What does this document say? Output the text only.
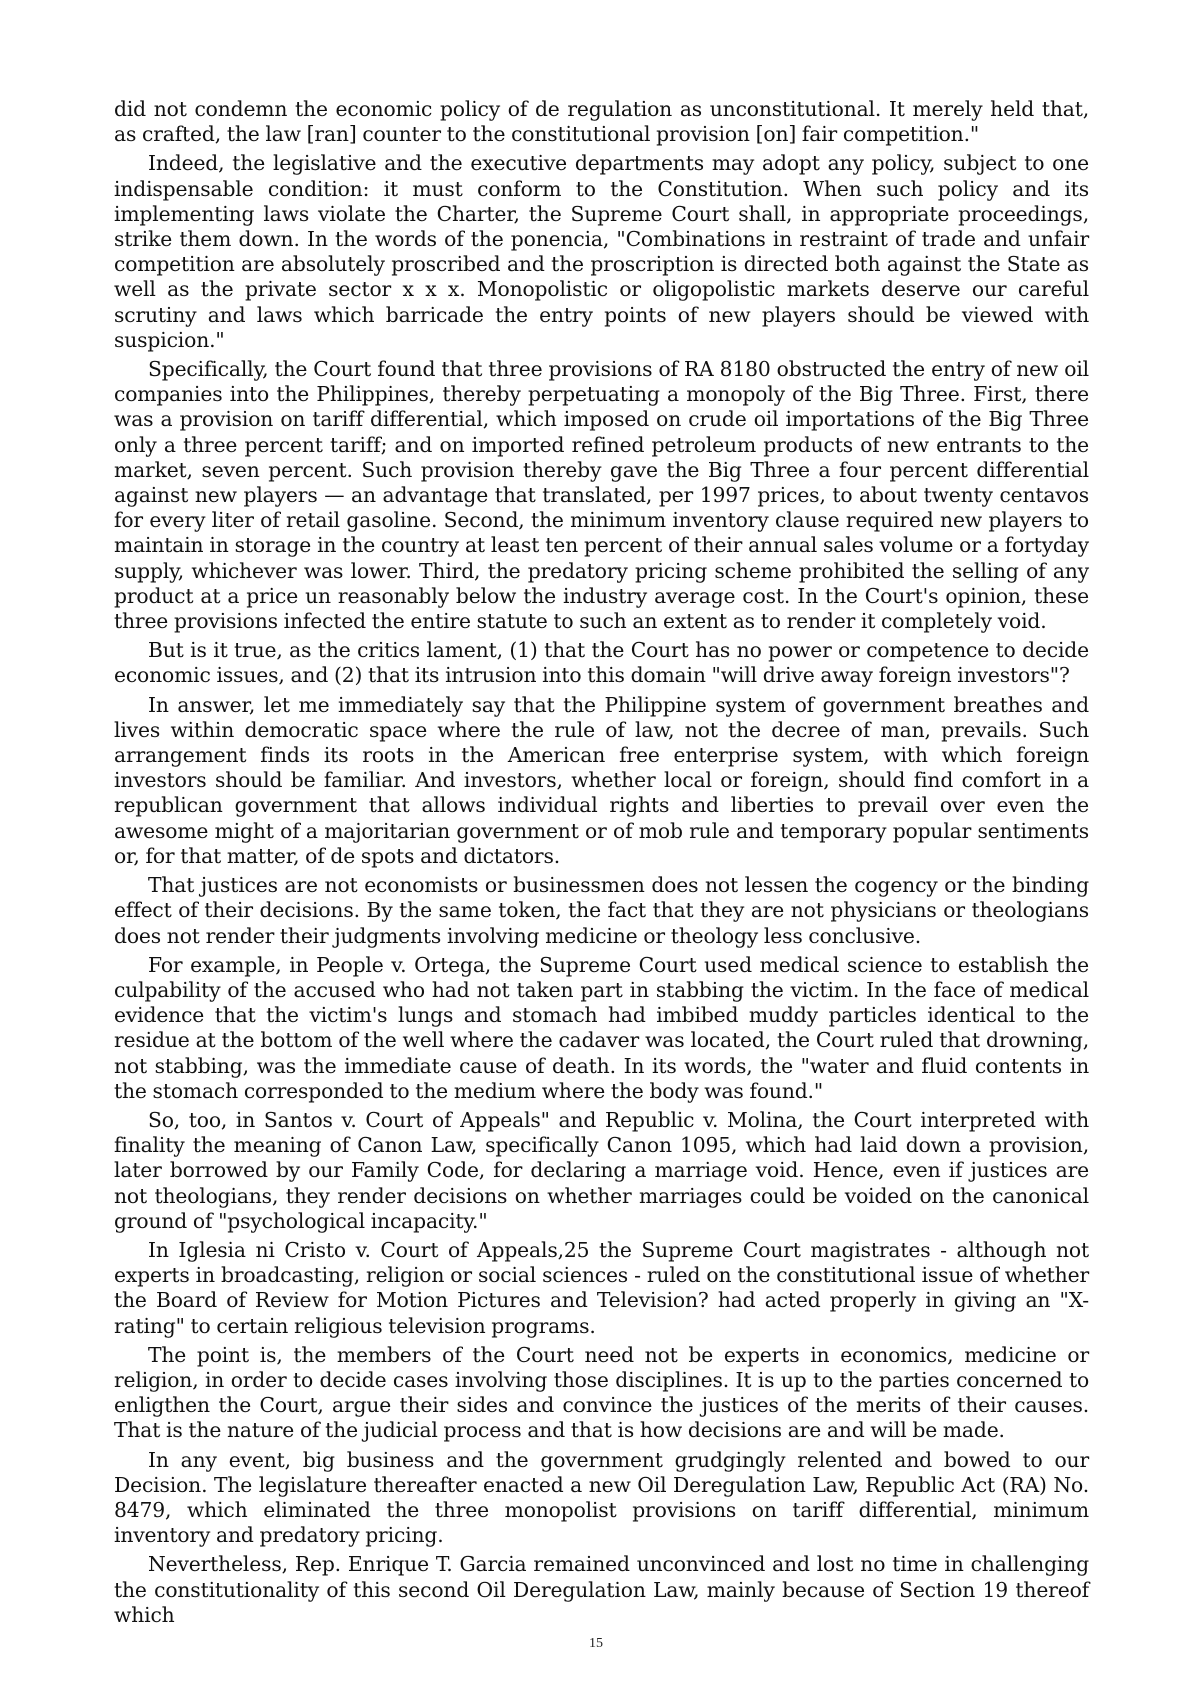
did not condemn the economic policy of de regulation as unconstitutional. It merely held that, as crafted, the law [ran] counter to the constitutional provision [on] fair competition."

Indeed, the legislative and the executive departments may adopt any policy, subject to one indispensable condition: it must conform to the Constitution. When such policy and its implementing laws violate the Charter, the Supreme Court shall, in appropriate proceedings, strike them down. In the words of the ponencia, "Combinations in restraint of trade and unfair competition are absolutely proscribed and the proscription is directed both against the State as well as the private sector x x x. Monopolistic or oligopolistic markets deserve our careful scrutiny and laws which barricade the entry points of new players should be viewed with suspicion."

Specifically, the Court found that three provisions of RA 8180 obstructed the entry of new oil companies into the Philippines, thereby perpetuating a monopoly of the Big Three. First, there was a provision on tariff differential, which imposed on crude oil importations of the Big Three only a three percent tariff; and on imported refined petroleum products of new entrants to the market, seven percent. Such provision thereby gave the Big Three a four percent differential against new players — an advantage that translated, per 1997 prices, to about twenty centavos for every liter of retail gasoline. Second, the minimum inventory clause required new players to maintain in storage in the country at least ten percent of their annual sales volume or a fortyday supply, whichever was lower. Third, the predatory pricing scheme prohibited the selling of any product at a price un reasonably below the industry average cost. In the Court's opinion, these three provisions infected the entire statute to such an extent as to render it completely void.

But is it true, as the critics lament, (1) that the Court has no power or competence to decide economic issues, and (2) that its intrusion into this domain "will drive away foreign investors"?

In answer, let me immediately say that the Philippine system of government breathes and lives within democratic space where the rule of law, not the decree of man, prevails. Such arrangement finds its roots in the American free enterprise system, with which foreign investors should be familiar. And investors, whether local or foreign, should find comfort in a republican government that allows individual rights and liberties to prevail over even the awesome might of a majoritarian government or of mob rule and temporary popular sentiments or, for that matter, of de spots and dictators.

That justices are not economists or businessmen does not lessen the cogency or the binding effect of their decisions. By the same token, the fact that they are not physicians or theologians does not render their judgments involving medicine or theology less conclusive.

For example, in People v. Ortega, the Supreme Court used medical science to establish the culpability of the accused who had not taken part in stabbing the victim. In the face of medical evidence that the victim's lungs and stomach had imbibed muddy particles identical to the residue at the bottom of the well where the cadaver was located, the Court ruled that drowning, not stabbing, was the immediate cause of death. In its words, the "water and fluid contents in the stomach corresponded to the medium where the body was found."

So, too, in Santos v. Court of Appeals" and Republic v. Molina, the Court interpreted with finality the meaning of Canon Law, specifically Canon 1095, which had laid down a provision, later borrowed by our Family Code, for declaring a marriage void. Hence, even if justices are not theologians, they render decisions on whether marriages could be voided on the canonical ground of "psychological incapacity."

In Iglesia ni Cristo v. Court of Appeals,25 the Supreme Court magistrates - although not experts in broadcasting, religion or social sciences - ruled on the constitutional issue of whether the Board of Review for Motion Pictures and Television? had acted properly in giving an "X-rating" to certain religious television programs.

The point is, the members of the Court need not be experts in economics, medicine or religion, in order to decide cases involving those disciplines. It is up to the parties concerned to enligthen the Court, argue their sides and convince the justices of the merits of their causes. That is the nature of the judicial process and that is how decisions are and will be made.

In any event, big business and the government grudgingly relented and bowed to our Decision. The legislature thereafter enacted a new Oil Deregulation Law, Republic Act (RA) No. 8479, which eliminated the three monopolist provisions on tariff differential, minimum inventory and predatory pricing.

Nevertheless, Rep. Enrique T. Garcia remained unconvinced and lost no time in challenging the constitutionality of this second Oil Deregulation Law, mainly because of Section 19 thereof which

15
